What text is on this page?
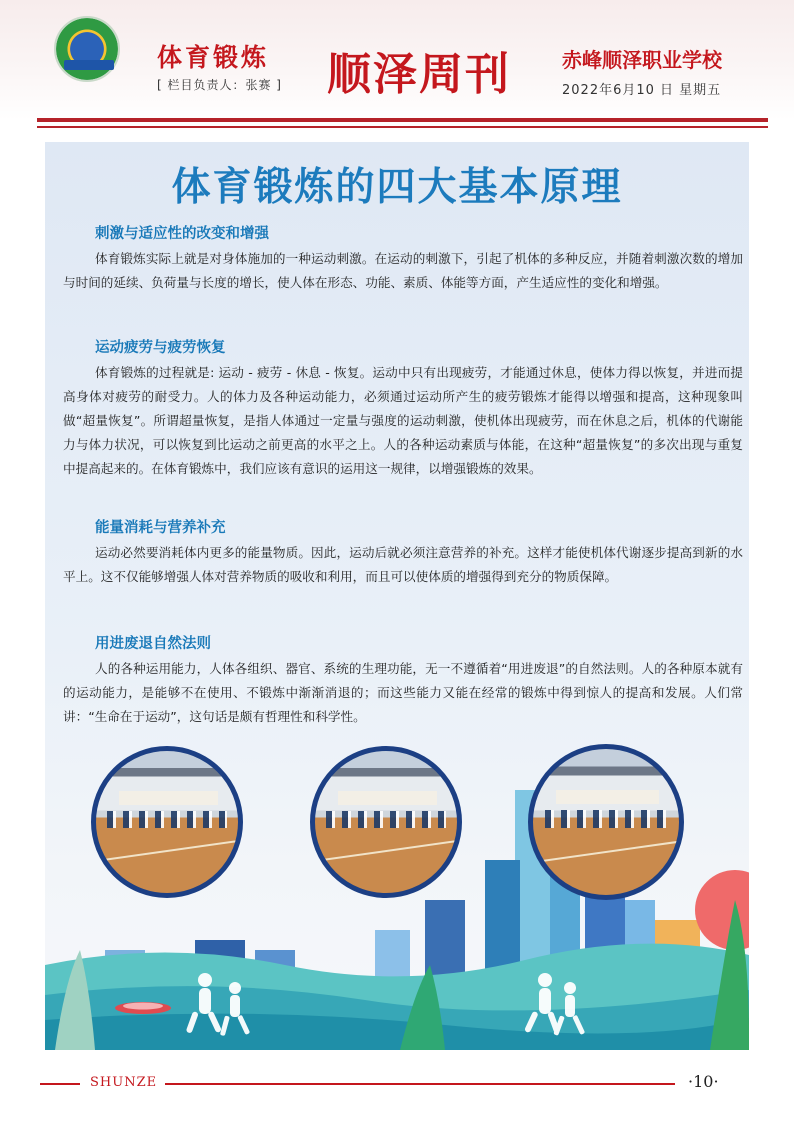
体育锻炼
[ 栏目负责人：张赛 ] 顺泽周刊	赤峰顺泽职业学校
2022年6月10 日 星期五
体育锻炼的四大基本原理
刺激与适应性的改变和增强

体育锻炼实际上就是对身体施加的一种运动刺激。在运动的刺激下，引起了机体的多种反应，并随着刺激次数的增加与时间的延续、负荷量与长度的增长，使人体在形态、功能、素质、体能等方面，产生适应性的变化和增强。

运动疲劳与疲劳恢复

体育锻炼的过程就是: 运动 - 疲劳 - 休息 - 恢复。运动中只有出现疲劳，才能通过休息，使体力得以恢复，并进而提高身体对疲劳的耐受力。人的体力及各种运动能力，必须通过运动所产生的疲劳锻炼才能得以增强和提高，这种现象叫做“超量恢复”。所谓超量恢复，是指人体通过一定量与强度的运动刺激，使机体出现疲劳，而在休息之后，机体的代谢能力与体力状况，可以恢复到比运动之前更高的水平之上。人的各种运动素质与体能，在这种“超量恢复”的多次出现与重复中提高起来的。在体育锻炼中，我们应该有意识的运用这一规律，以增强锻炼的效果。

能量消耗与营养补充

运动必然要消耗体内更多的能量物质。因此，运动后就必须注意营养的补充。这样才能使机体代谢逐步提高到新的水平上。这不仅能够增强人体对营养物质的吸收和利用，而且可以使体质的增强得到充分的物质保障。

用进废退自然法则

人的各种运用能力，人体各组织、器官、系统的生理功能，无一不遵循着“用进废退”的自然法则。人的各种原本就有的运动能力，是能够不在使用、不锻炼中渐渐消退的；而这些能力又能在经常的锻炼中得到惊人的提高和发展。人们常讲：“生命在于运动”，这句话是颇有哲理性和科学性。

SHUNZE	·10·
